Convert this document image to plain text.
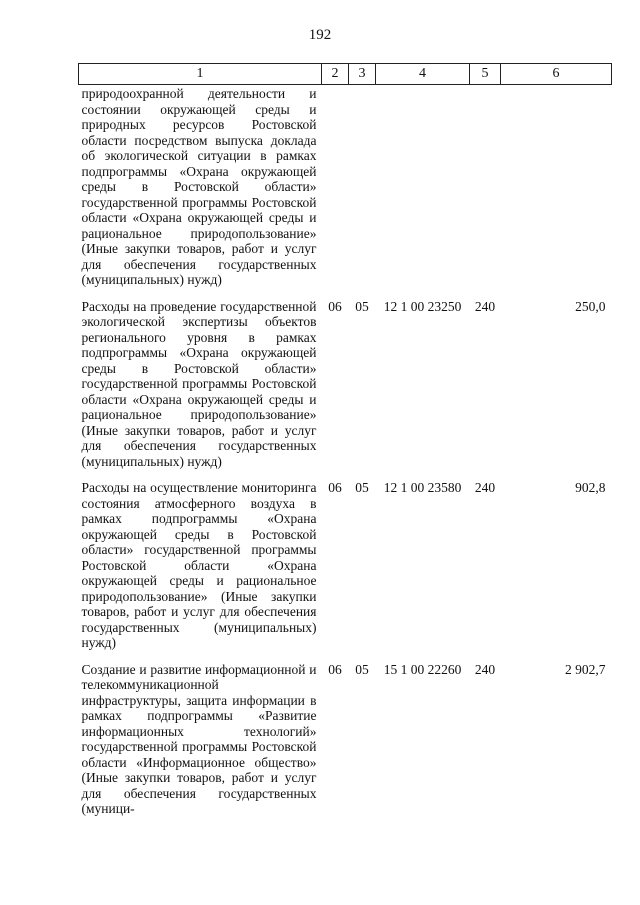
192
1	2	3	4	5	6
природоохранной деятельности и состоянии окружающей среды и природных ресурсов Ростовской области посредством выпуска доклада об экологической ситуации в рамках подпрограммы «Охрана окружающей среды в Ростовской области» государственной программы Ростовской области «Охрана окружающей среды и рациональное природопользование» (Иные закупки товаров, работ и услуг для обеспечения государственных (муниципальных) нужд)					
Расходы на проведение государственной экологической экспертизы объектов регионального уровня в рамках подпрограммы «Охрана окружающей среды в Ростовской области» государственной программы Ростовской области «Охрана окружающей среды и рациональное природопользование» (Иные закупки товаров, работ и услуг для обеспечения государственных (муниципальных) нужд)	06	05	12 1 00 23250	240	250,0
Расходы на осуществление мониторинга состояния атмосферного воздуха в рамках подпрограммы «Охрана окружающей среды в Ростовской области» государственной программы Ростовской области «Охрана окружающей среды и рациональное природопользование» (Иные закупки товаров, работ и услуг для обеспечения государственных (муниципальных) нужд)	06	05	12 1 00 23580	240	902,8
Создание и развитие информационной и телекоммуникационной инфраструктуры, защита информации в рамках подпрограммы «Развитие информационных технологий» государственной программы Ростовской области «Информационное общество» (Иные закупки товаров, работ и услуг для обеспечения государственных (муници-	06	05	15 1 00 22260	240	2 902,7
